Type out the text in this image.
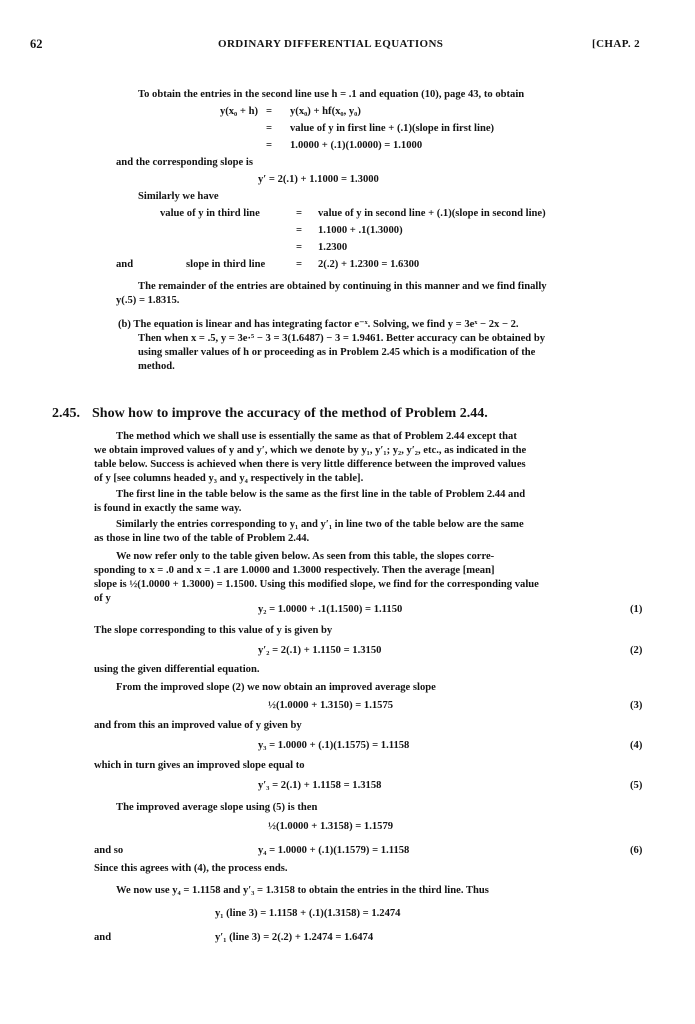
62	ORDINARY DIFFERENTIAL EQUATIONS	[CHAP. 2
To obtain the entries in the second line use h = .1 and equation (10), page 43, to obtain
y(x₀ + h) = y(x₀) + hf(x₀, y₀)
= value of y in first line + (.1)(slope in first line)
= 1.0000 + (.1)(1.0000) = 1.1000
and the corresponding slope is
y′ = 2(.1) + 1.1000 = 1.3000
Similarly we have
value of y in third line	= value of y in second line + (.1)(slope in second line)
= 1.1000 + .1(1.3000)
= 1.2300
and	slope in third line	= 2(.2) + 1.2300 = 1.6300
The remainder of the entries are obtained by continuing in this manner and we find finally
y(.5) = 1.8315.
(b) The equation is linear and has integrating factor e⁻ˣ. Solving, we find y = 3eˣ − 2x − 2.
Then when x = .5, y = 3e·⁵ − 3 = 3(1.6487) − 3 = 1.9461. Better accuracy can be obtained by
using smaller values of h or proceeding as in Problem 2.45 which is a modification of the
method.
2.45. Show how to improve the accuracy of the method of Problem 2.44.
The method which we shall use is essentially the same as that of Problem 2.44 except that
we obtain improved values of y and y′, which we denote by y₁, y′₁; y₂, y′₂, etc., as indicated in the
table below. Success is achieved when there is very little difference between the improved values
of y [see columns headed y₃ and y₄ respectively in the table].
The first line in the table below is the same as the first line in the table of Problem 2.44 and
is found in exactly the same way.
Similarly the entries corresponding to y₁ and y′₁ in line two of the table below are the same
as those in line two of the table of Problem 2.44.
We now refer only to the table given below. As seen from this table, the slopes corre-
sponding to x = .0 and x = .1 are 1.0000 and 1.3000 respectively. Then the average [mean]
slope is ½(1.0000 + 1.3000) = 1.1500. Using this modified slope, we find for the corresponding value
of y
y₂ = 1.0000 + .1(1.1500) = 1.1150	(1)
The slope corresponding to this value of y is given by
y′₂ = 2(.1) + 1.1150 = 1.3150	(2)
using the given differential equation.
From the improved slope (2) we now obtain an improved average slope
½(1.0000 + 1.3150) = 1.1575	(3)
and from this an improved value of y given by
y₃ = 1.0000 + (.1)(1.1575) = 1.1158	(4)
which in turn gives an improved slope equal to
y′₃ = 2(.1) + 1.1158 = 1.3158	(5)
The improved average slope using (5) is then
½(1.0000 + 1.3158) = 1.1579
and so	y₄ = 1.0000 + (.1)(1.1579) = 1.1158	(6)
Since this agrees with (4), the process ends.
We now use y₄ = 1.1158 and y′₃ = 1.3158 to obtain the entries in the third line. Thus
y₁ (line 3) = 1.1158 + (.1)(1.3158) = 1.2474
and	y′₁ (line 3) = 2(.2) + 1.2474 = 1.6474
